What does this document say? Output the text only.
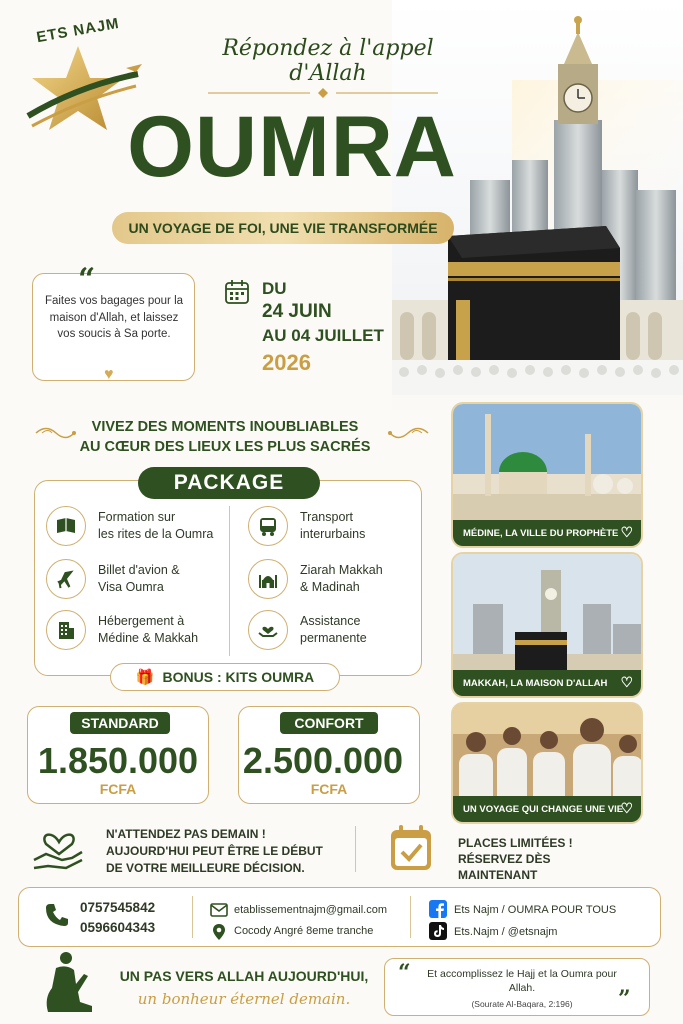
ETS NAJM
Répondez à l'appel d'Allah
OUMRA
UN VOYAGE DE FOI, UNE VIE TRANSFORMÉE
“
Faites vos bagages pour la maison d'Allah, et laissez vos soucis à Sa porte.
♥
DU
24 JUIN
AU 04 JUILLET
2026
VIVEZ DES MOMENTS INOUBLIABLES
AU CŒUR DES LIEUX LES PLUS SACRÉS
PACKAGE
Formation sur
les rites de la Oumra
Transport
interurbains
Billet d'avion &
Visa Oumra
Ziarah Makkah
& Madinah
Hébergement à
Médine & Makkah
Assistance
permanente
🎁 BONUS : KITS OUMRA
MÉDINE, LA VILLE DU PROPHÈTE ♡
MAKKAH, LA MAISON D'ALLAH ♡
UN VOYAGE QUI CHANGE UNE VIE
♡
STANDARD
1.850.000
FCFA
CONFORT
2.500.000
FCFA
N'ATTENDEZ PAS DEMAIN !
AUJOURD'HUI PEUT ÊTRE LE DÉBUT
DE VOTRE MEILLEURE DÉCISION.
PLACES LIMITÉES !
RÉSERVEZ DÈS
MAINTENANT
0757545842
0596604343
etablissementnajm@gmail.com
Cocody Angré 8eme tranche
Ets Najm / OUMRA POUR TOUS
Ets.Najm / @etsnajm
UN PAS VERS ALLAH AUJOURD'HUI,
un bonheur éternel demain.
“	Et accomplissez le Hajj et la Oumra pour Allah.
(Sourate Al-Baqara, 2:196)	”
